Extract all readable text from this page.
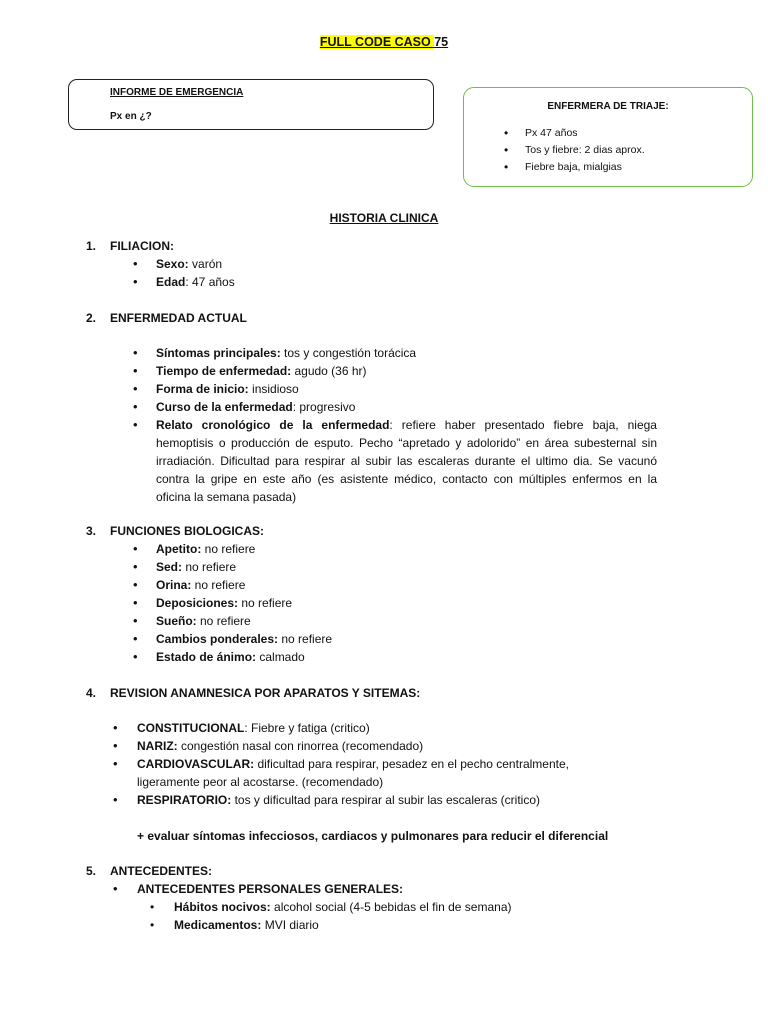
FULL CODE CASO 75
INFORME DE EMERGENCIA
Px en ¿?
ENFERMERA DE TRIAJE:
• Px 47 años
• Tos y fiebre: 2 dias aprox.
• Fiebre baja, mialgias
HISTORIA CLINICA
1. FILIACION:
• Sexo: varón
• Edad: 47 años
2. ENFERMEDAD ACTUAL
• Síntomas principales: tos y congestión torácica
• Tiempo de enfermedad: agudo (36 hr)
• Forma de inicio: insidioso
• Curso de la enfermedad: progresivo
• Relato cronológico de la enfermedad: refiere haber presentado fiebre baja, niega hemoptisis o producción de esputo. Pecho “apretado y adolorido” en área subesternal sin irradiación. Dificultad para respirar al subir las escaleras durante el ultimo dia. Se vacunó contra la gripe en este año (es asistente médico, contacto con múltiples enfermos en la oficina la semana pasada)
3. FUNCIONES BIOLOGICAS:
• Apetito: no refiere
• Sed: no refiere
• Orina: no refiere
• Deposiciones: no refiere
• Sueño: no refiere
• Cambios ponderales: no refiere
• Estado de ánimo: calmado
4. REVISION ANAMNESICA POR APARATOS Y SITEMAS:
• CONSTITUCIONAL: Fiebre y fatiga (critico)
• NARIZ: congestión nasal con rinorrea (recomendado)
• CARDIOVASCULAR: dificultad para respirar, pesadez en el pecho centralmente, ligeramente peor al acostarse. (recomendado)
• RESPIRATORIO: tos y dificultad para respirar al subir las escaleras (critico)
+ evaluar síntomas infecciosos, cardiacos y pulmonares para reducir el diferencial
5. ANTECEDENTES:
• ANTECEDENTES PERSONALES GENERALES:
• Hábitos nocivos: alcohol social (4-5 bebidas el fin de semana)
• Medicamentos: MVI diario
